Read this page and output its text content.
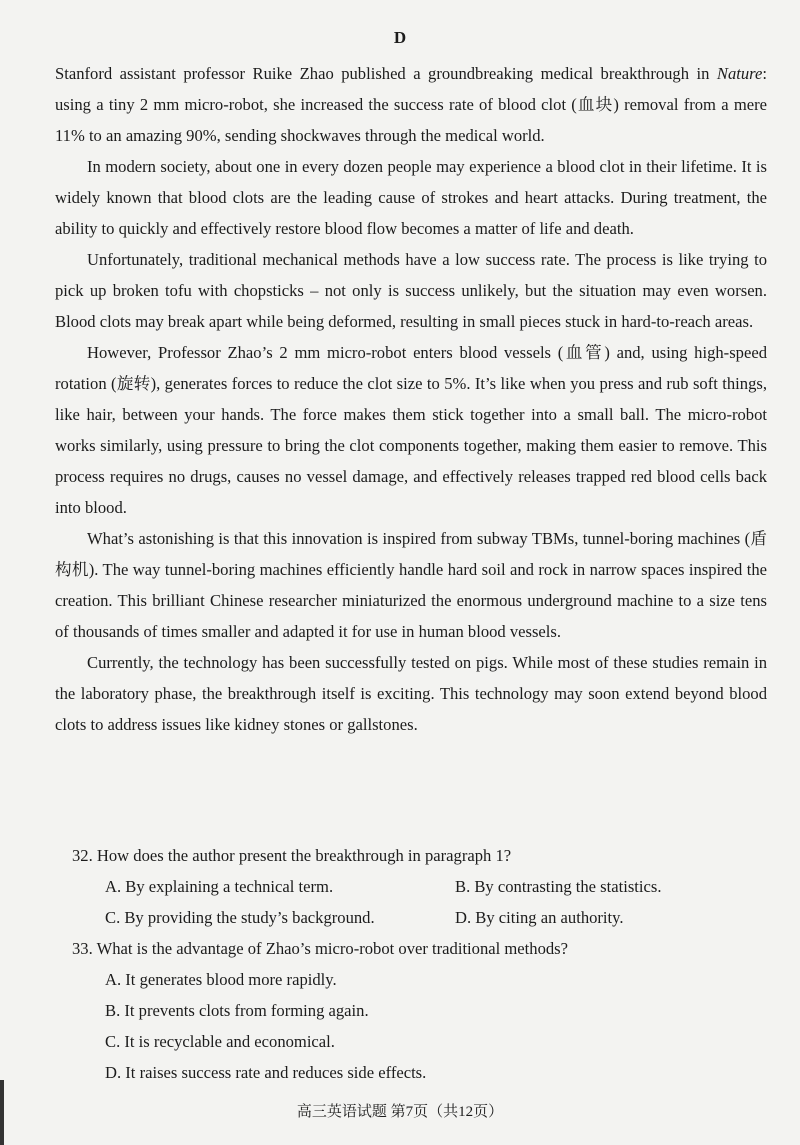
D

Stanford assistant professor Ruike Zhao published a groundbreaking medical breakthrough in Nature: using a tiny 2 mm micro-robot, she increased the success rate of blood clot (血块) removal from a mere 11% to an amazing 90%, sending shockwaves through the medical world.

In modern society, about one in every dozen people may experience a blood clot in their lifetime. It is widely known that blood clots are the leading cause of strokes and heart attacks. During treatment, the ability to quickly and effectively restore blood flow becomes a matter of life and death.

Unfortunately, traditional mechanical methods have a low success rate. The process is like trying to pick up broken tofu with chopsticks – not only is success unlikely, but the situation may even worsen. Blood clots may break apart while being deformed, resulting in small pieces stuck in hard-to-reach areas.

However, Professor Zhao’s 2 mm micro-robot enters blood vessels (血管) and, using high-speed rotation (旋转), generates forces to reduce the clot size to 5%. It’s like when you press and rub soft things, like hair, between your hands. The force makes them stick together into a small ball. The micro-robot works similarly, using pressure to bring the clot components together, making them easier to remove. This process requires no drugs, causes no vessel damage, and effectively releases trapped red blood cells back into blood.

What’s astonishing is that this innovation is inspired from subway TBMs, tunnel-boring machines (盾构机). The way tunnel-boring machines efficiently handle hard soil and rock in narrow spaces inspired the creation. This brilliant Chinese researcher miniaturized the enormous underground machine to a size tens of thousands of times smaller and adapted it for use in human blood vessels.

Currently, the technology has been successfully tested on pigs. While most of these studies remain in the laboratory phase, the breakthrough itself is exciting. This technology may soon extend beyond blood clots to address issues like kidney stones or gallstones.

32. How does the author present the breakthrough in paragraph 1?

A. By explaining a technical term.	B. By contrasting the statistics.

C. By providing the study’s background.	D. By citing an authority.

33. What is the advantage of Zhao’s micro-robot over traditional methods?

A. It generates blood more rapidly.

B. It prevents clots from forming again.

C. It is recyclable and economical.

D. It raises success rate and reduces side effects.

高三英语试题 第7页（共12页）
